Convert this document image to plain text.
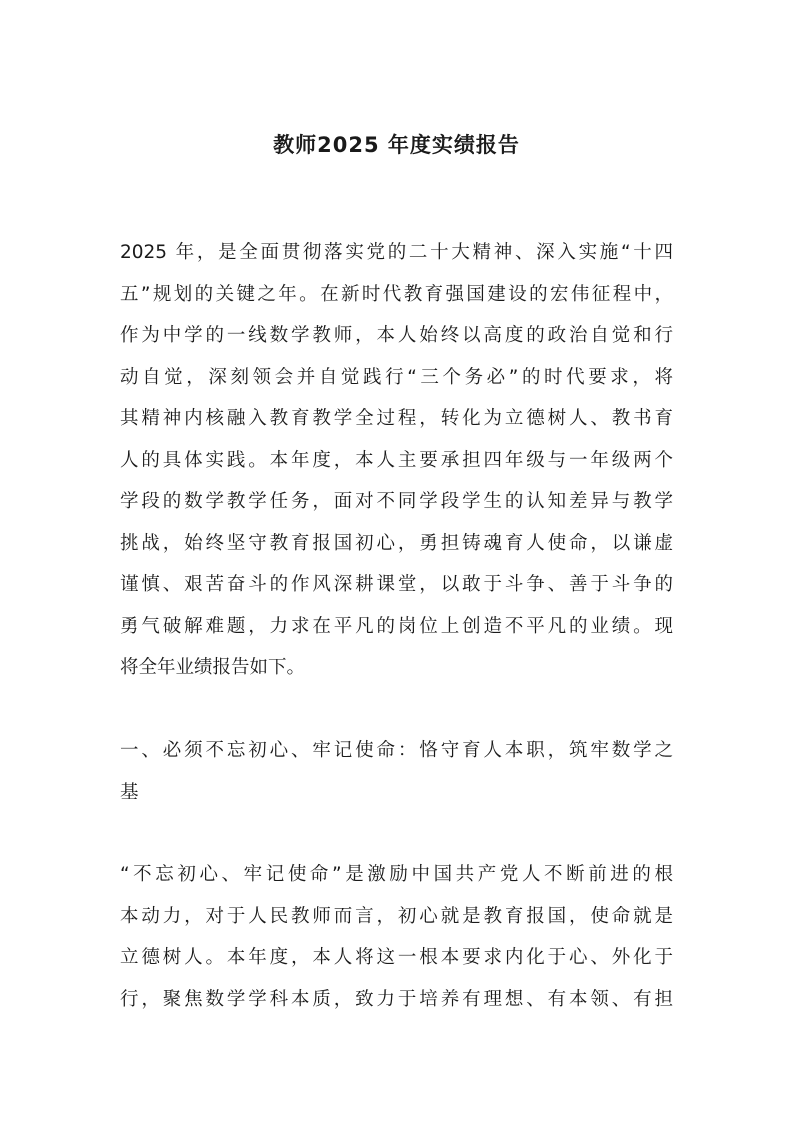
教师2025 年度实绩报告
2025 年，是全面贯彻落实党的二十大精神、深入实施“十四
五”规划的关键之年。在新时代教育强国建设的宏伟征程中，
作为中学的一线数学教师，本人始终以高度的政治自觉和行
动自觉，深刻领会并自觉践行“三个务必”的时代要求，将
其精神内核融入教育教学全过程，转化为立德树人、教书育
人的具体实践。本年度，本人主要承担四年级与一年级两个
学段的数学教学任务，面对不同学段学生的认知差异与教学
挑战，始终坚守教育报国初心，勇担铸魂育人使命，以谦虚
谨慎、艰苦奋斗的作风深耕课堂，以敢于斗争、善于斗争的
勇气破解难题，力求在平凡的岗位上创造不平凡的业绩。现
将全年业绩报告如下。
一、必须不忘初心、牢记使命：恪守育人本职，筑牢数学之
基
“不忘初心、牢记使命”是激励中国共产党人不断前进的根
本动力，对于人民教师而言，初心就是教育报国，使命就是
立德树人。本年度，本人将这一根本要求内化于心、外化于
行，聚焦数学学科本质，致力于培养有理想、有本领、有担
